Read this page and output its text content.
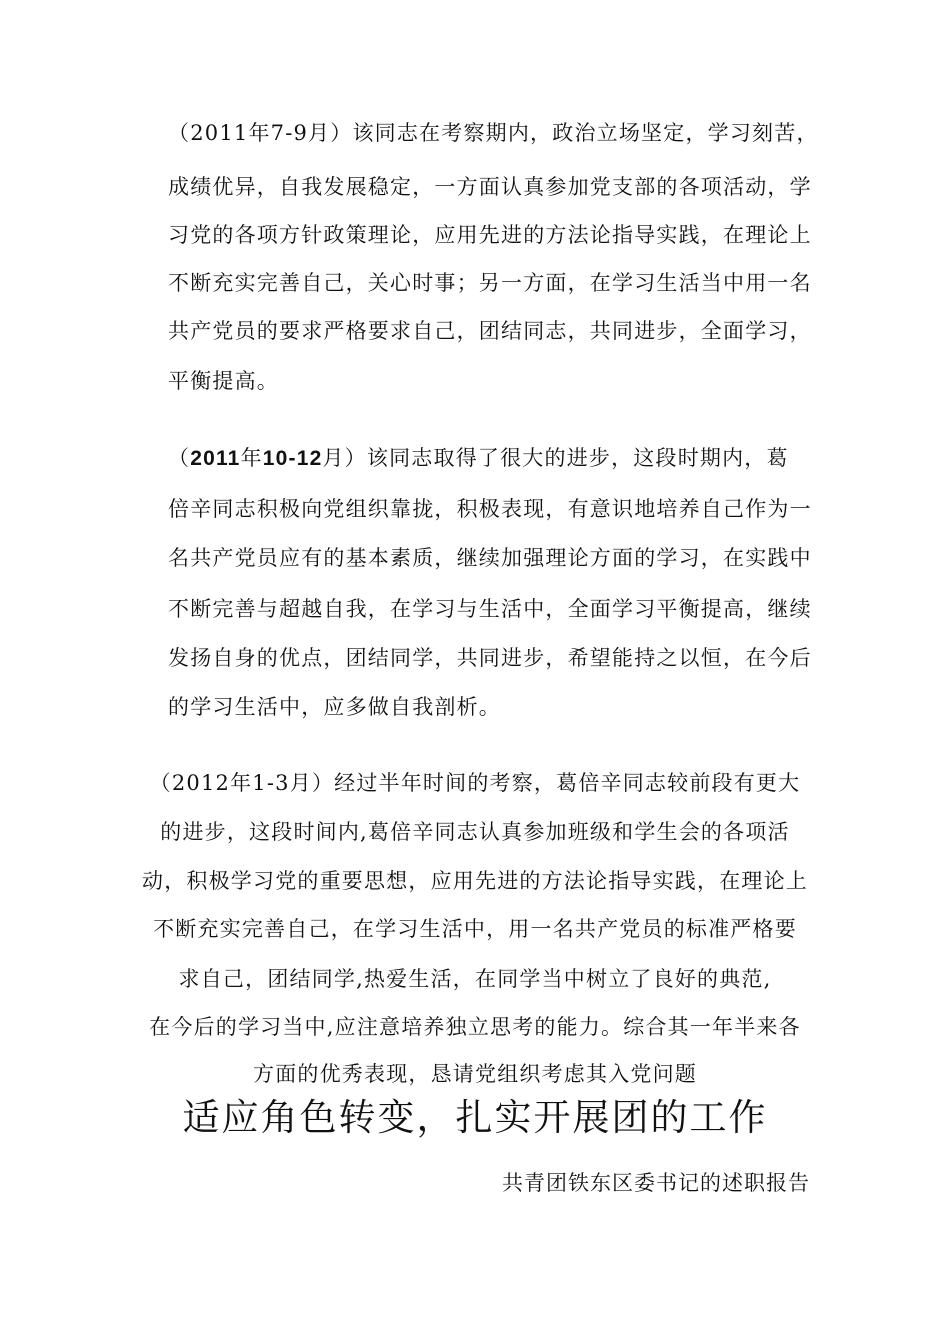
（2011年7-9月）该同志在考察期内，政治立场坚定，学习刻苦，
成绩优异，自我发展稳定，一方面认真参加党支部的各项活动，学
习党的各项方针政策理论，应用先进的方法论指导实践，在理论上
不断充实完善自己，关心时事；另一方面，在学习生活当中用一名
共产党员的要求严格要求自己，团结同志，共同进步，全面学习，
平衡提高。
（2011年10-12月）该同志取得了很大的进步，这段时期内，葛
倍辛同志积极向党组织靠拢，积极表现，有意识地培养自己作为一
名共产党员应有的基本素质，继续加强理论方面的学习，在实践中
不断完善与超越自我，在学习与生活中，全面学习平衡提高，继续
发扬自身的优点，团结同学，共同进步，希望能持之以恒，在今后
的学习生活中，应多做自我剖析。
（2012年1-3月）经过半年时间的考察，葛倍辛同志较前段有更大
的进步，这段时间内,葛倍辛同志认真参加班级和学生会的各项活
动，积极学习党的重要思想，应用先进的方法论指导实践，在理论上
不断充实完善自己，在学习生活中，用一名共产党员的标准严格要
求自己，团结同学,热爱生活，在同学当中树立了良好的典范,
在今后的学习当中,应注意培养独立思考的能力。综合其一年半来各
方面的优秀表现，恳请党组织考虑其入党问题
适应角色转变，扎实开展团的工作
共青团铁东区委书记的述职报告
